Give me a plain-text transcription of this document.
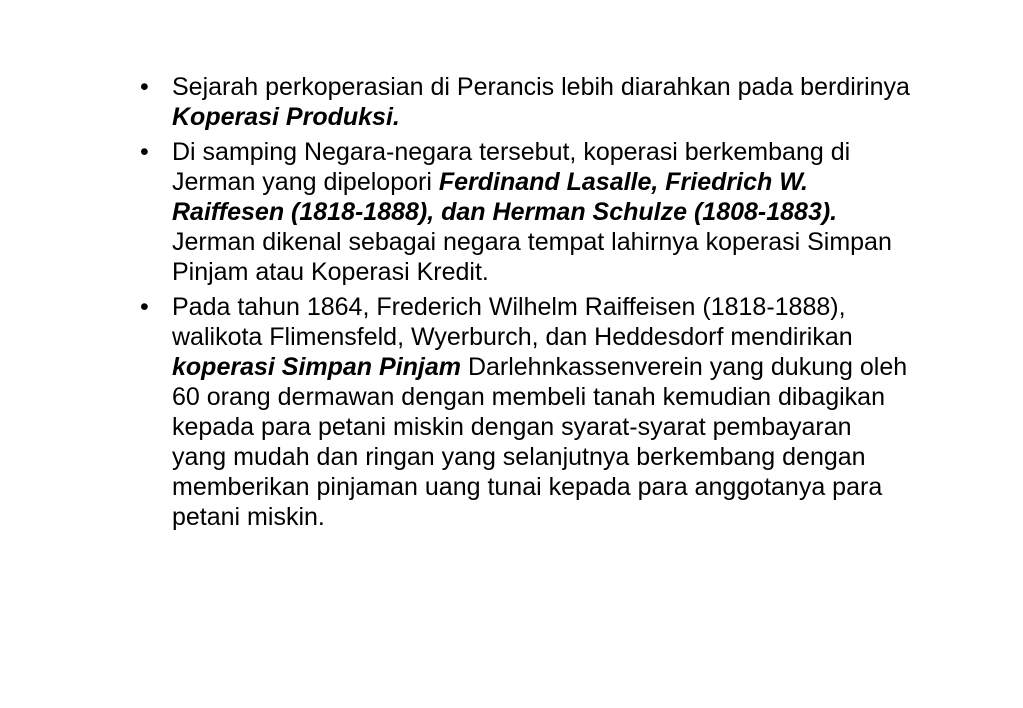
• Sejarah perkoperasian di Perancis lebih diarahkan pada berdirinya Koperasi Produksi.
• Di samping Negara-negara tersebut, koperasi berkembang di Jerman yang dipelopori Ferdinand Lasalle, Friedrich W. Raiffesen (1818-1888), dan Herman Schulze (1808-1883). Jerman dikenal sebagai negara tempat lahirnya koperasi Simpan Pinjam atau Koperasi Kredit.
• Pada tahun 1864, Frederich Wilhelm Raiffeisen (1818-1888), walikota Flimensfeld, Wyerburch, dan Heddesdorf mendirikan koperasi Simpan Pinjam Darlehnkassenverein yang dukung oleh 60 orang dermawan dengan membeli tanah kemudian dibagikan kepada para petani miskin dengan syarat-syarat pembayaran yang mudah dan ringan yang selanjutnya berkembang dengan memberikan pinjaman uang tunai kepada para anggotanya para petani miskin.
